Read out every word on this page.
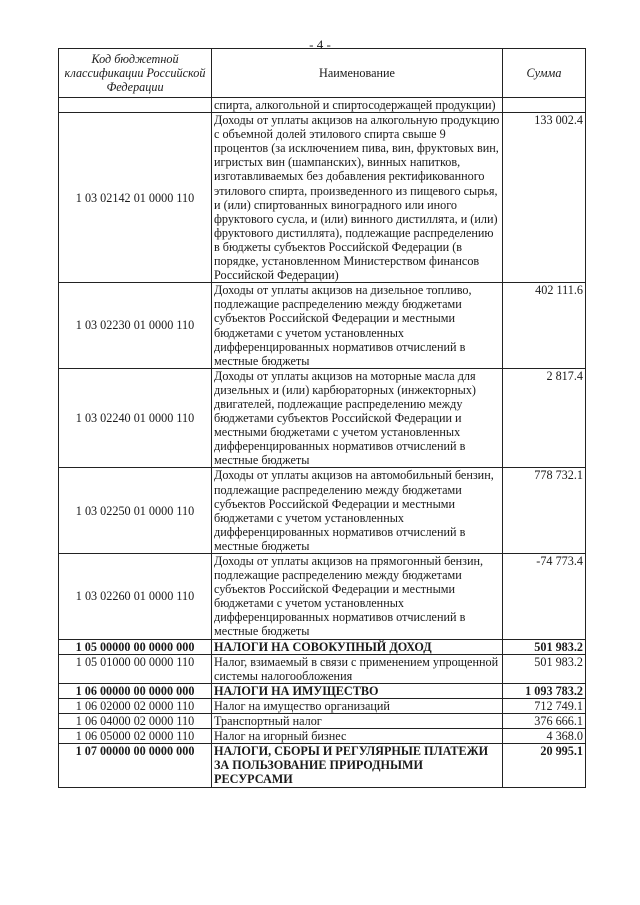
- 4 -
Код бюджетной классификации Российской Федерации	Наименование	Сумма
	спирта, алкогольной и спиртосодержащей продукции)	
1 03 02142 01 0000 110	Доходы от уплаты акцизов на алкогольную продукцию с объемной долей этилового спирта свыше 9 процентов (за исключением пива, вин, фруктовых вин, игристых вин (шампанских), винных напитков, изготавливаемых без добавления ректификованного этилового спирта, произведенного из пищевого сырья, и (или) спиртованных виноградного или иного фруктового сусла, и (или) винного дистиллята, и (или) фруктового дистиллята), подлежащие распределению в бюджеты субъектов Российской Федерации (в порядке, установленном Министерством финансов Российской Федерации)	133 002.4
1 03 02230 01 0000 110	Доходы от уплаты акцизов на дизельное топливо, подлежащие распределению между бюджетами субъектов Российской Федерации и местными бюджетами с учетом установленных дифференцированных нормативов отчислений в местные бюджеты	402 111.6
1 03 02240 01 0000 110	Доходы от уплаты акцизов на моторные масла для дизельных и (или) карбюраторных (инжекторных) двигателей, подлежащие распределению между бюджетами субъектов Российской Федерации и местными бюджетами с учетом установленных дифференцированных нормативов отчислений в местные бюджеты	2 817.4
1 03 02250 01 0000 110	Доходы от уплаты акцизов на автомобильный бензин, подлежащие распределению между бюджетами субъектов Российской Федерации и местными бюджетами с учетом установленных дифференцированных нормативов отчислений в местные бюджеты	778 732.1
1 03 02260 01 0000 110	Доходы от уплаты акцизов на прямогонный бензин, подлежащие распределению между бюджетами субъектов Российской Федерации и местными бюджетами с учетом установленных дифференцированных нормативов отчислений в местные бюджеты	-74 773.4
1 05 00000 00 0000 000	НАЛОГИ НА СОВОКУПНЫЙ ДОХОД	501 983.2
1 05 01000 00 0000 110	Налог, взимаемый в связи с применением упрощенной системы налогообложения	501 983.2
1 06 00000 00 0000 000	НАЛОГИ НА ИМУЩЕСТВО	1 093 783.2
1 06 02000 02 0000 110	Налог на имущество организаций	712 749.1
1 06 04000 02 0000 110	Транспортный налог	376 666.1
1 06 05000 02 0000 110	Налог на игорный бизнес	4 368.0
1 07 00000 00 0000 000	НАЛОГИ, СБОРЫ И РЕГУЛЯРНЫЕ ПЛАТЕЖИ ЗА ПОЛЬЗОВАНИЕ ПРИРОДНЫМИ РЕСУРСАМИ	20 995.1
